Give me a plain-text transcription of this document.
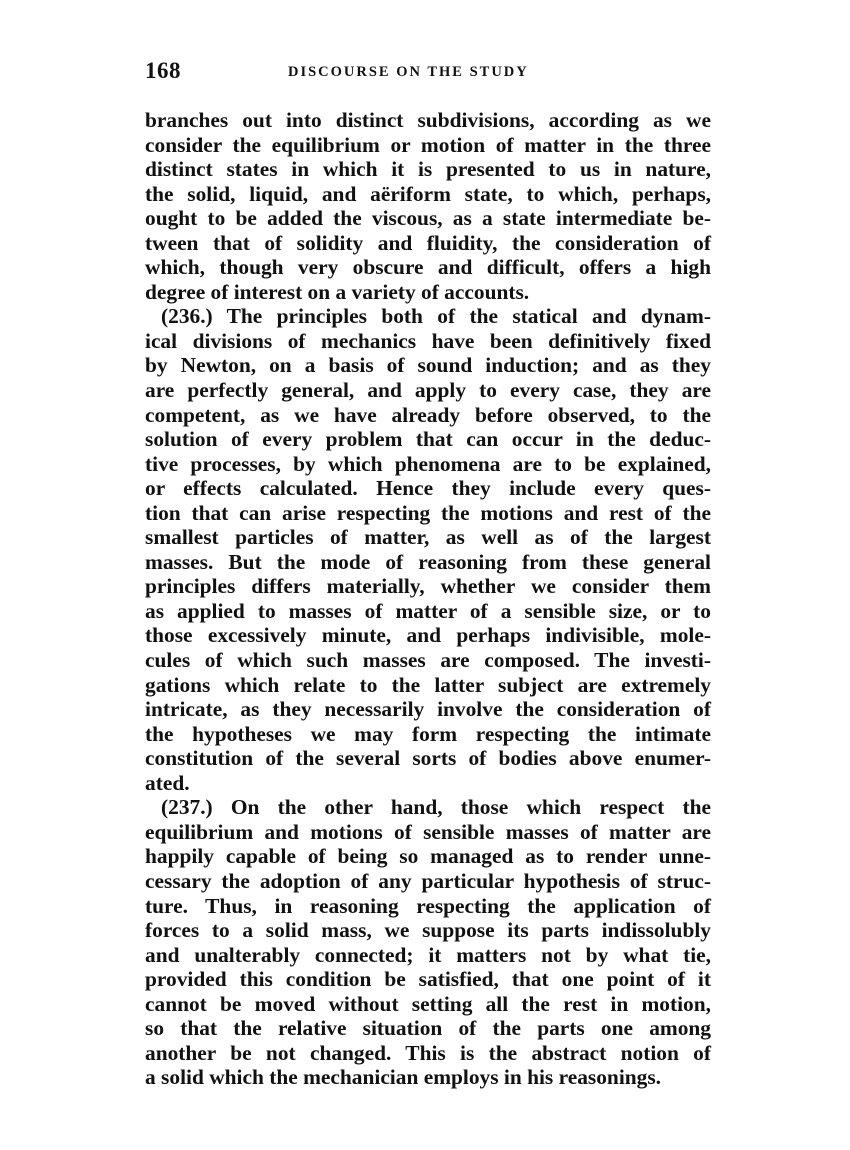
168	DISCOURSE ON THE STUDY
branches out into distinct subdivisions, according as we
consider the equilibrium or motion of matter in the three
distinct states in which it is presented to us in nature,
the solid, liquid, and aëriform state, to which, perhaps,
ought to be added the viscous, as a state intermediate be-
tween that of solidity and fluidity, the consideration of
which, though very obscure and difficult, offers a high
degree of interest on a variety of accounts.
(236.) The principles both of the statical and dynam-
ical divisions of mechanics have been definitively fixed
by Newton, on a basis of sound induction; and as they
are perfectly general, and apply to every case, they are
competent, as we have already before observed, to the
solution of every problem that can occur in the deduc-
tive processes, by which phenomena are to be explained,
or effects calculated. Hence they include every ques-
tion that can arise respecting the motions and rest of the
smallest particles of matter, as well as of the largest
masses. But the mode of reasoning from these general
principles differs materially, whether we consider them
as applied to masses of matter of a sensible size, or to
those excessively minute, and perhaps indivisible, mole-
cules of which such masses are composed. The investi-
gations which relate to the latter subject are extremely
intricate, as they necessarily involve the consideration of
the hypotheses we may form respecting the intimate
constitution of the several sorts of bodies above enumer-
ated.
(237.) On the other hand, those which respect the
equilibrium and motions of sensible masses of matter are
happily capable of being so managed as to render unne-
cessary the adoption of any particular hypothesis of struc-
ture. Thus, in reasoning respecting the application of
forces to a solid mass, we suppose its parts indissolubly
and unalterably connected; it matters not by what tie,
provided this condition be satisfied, that one point of it
cannot be moved without setting all the rest in motion,
so that the relative situation of the parts one among
another be not changed. This is the abstract notion of
a solid which the mechanician employs in his reasonings.
